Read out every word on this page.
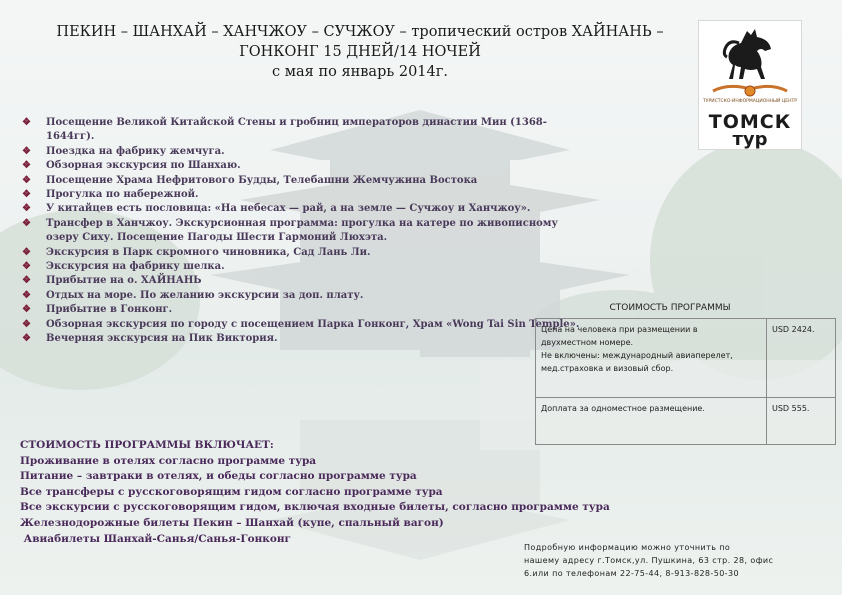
ПЕКИН – ШАНХАЙ – ХАНЧЖОУ – СУЧЖОУ – тропический остров ХАЙНАНЬ –
ГОНКОНГ 15 ДНЕЙ/14 НОЧЕЙ
с мая по январь 2014г.
ТУРИСТСКО-ИНФОРМАЦИОННЫЙ ЦЕНТР
ТОМСК
тур
❖ Посещение Великой Китайской Стены и гробниц императоров династии Мин (1368-1644гг).
❖ Поездка на фабрику жемчуга.
❖ Обзорная экскурсия по Шанхаю.
❖ Посещение Храма Нефритового Будды, Телебашни Жемчужина Востока
❖ Прогулка по набережной.
❖ У китайцев есть пословица: «На небесах — рай, а на земле — Сучжоу и Ханчжоу».
❖ Трансфер в Ханчжоу. Экскурсионная программа: прогулка на катере по живописному озеру Сиху. Посещение Пагоды Шести Гармоний Люхэта.
❖ Экскурсия в Парк скромного чиновника, Сад Лань Ли.
❖ Экскурсия на фабрику шелка.
❖ Прибытие на о. ХАЙНАНЬ
❖ Отдых на море. По желанию экскурсии за доп. плату.
❖ Прибытие в Гонконг.
❖ Обзорная экскурсия по городу с посещением Парка Гонконг, Храм «Wong Tai Sin Temple».
❖ Вечерняя экскурсия на Пик Виктория.
СТОИМОСТЬ ПРОГРАММЫ
Цена на человека при размещении в
двухместном номере.
Не включены: международный авиаперелет,
мед.страховка и визовый сбор.	USD 2424.
Доплата за одноместное размещение.	USD 555.
СТОИМОСТЬ ПРОГРАММЫ ВКЛЮЧАЕТ:
Проживание в отелях согласно программе тура
Питание – завтраки в отелях, и обеды согласно программе тура
Все трансферы с русскоговорящим гидом согласно программе тура
Все экскурсии с русскоговорящим гидом, включая входные билеты, согласно программе тура
Железнодорожные билеты Пекин – Шанхай (купе, спальный вагон)
Авиабилеты Шанхай-Санья/Санья-Гонконг
Подробную информацию можно уточнить по
нашему адресу г.Томск,ул. Пушкина, 63 стр. 28, офис
6.или по телефонам 22-75-44, 8-913-828-50-30
